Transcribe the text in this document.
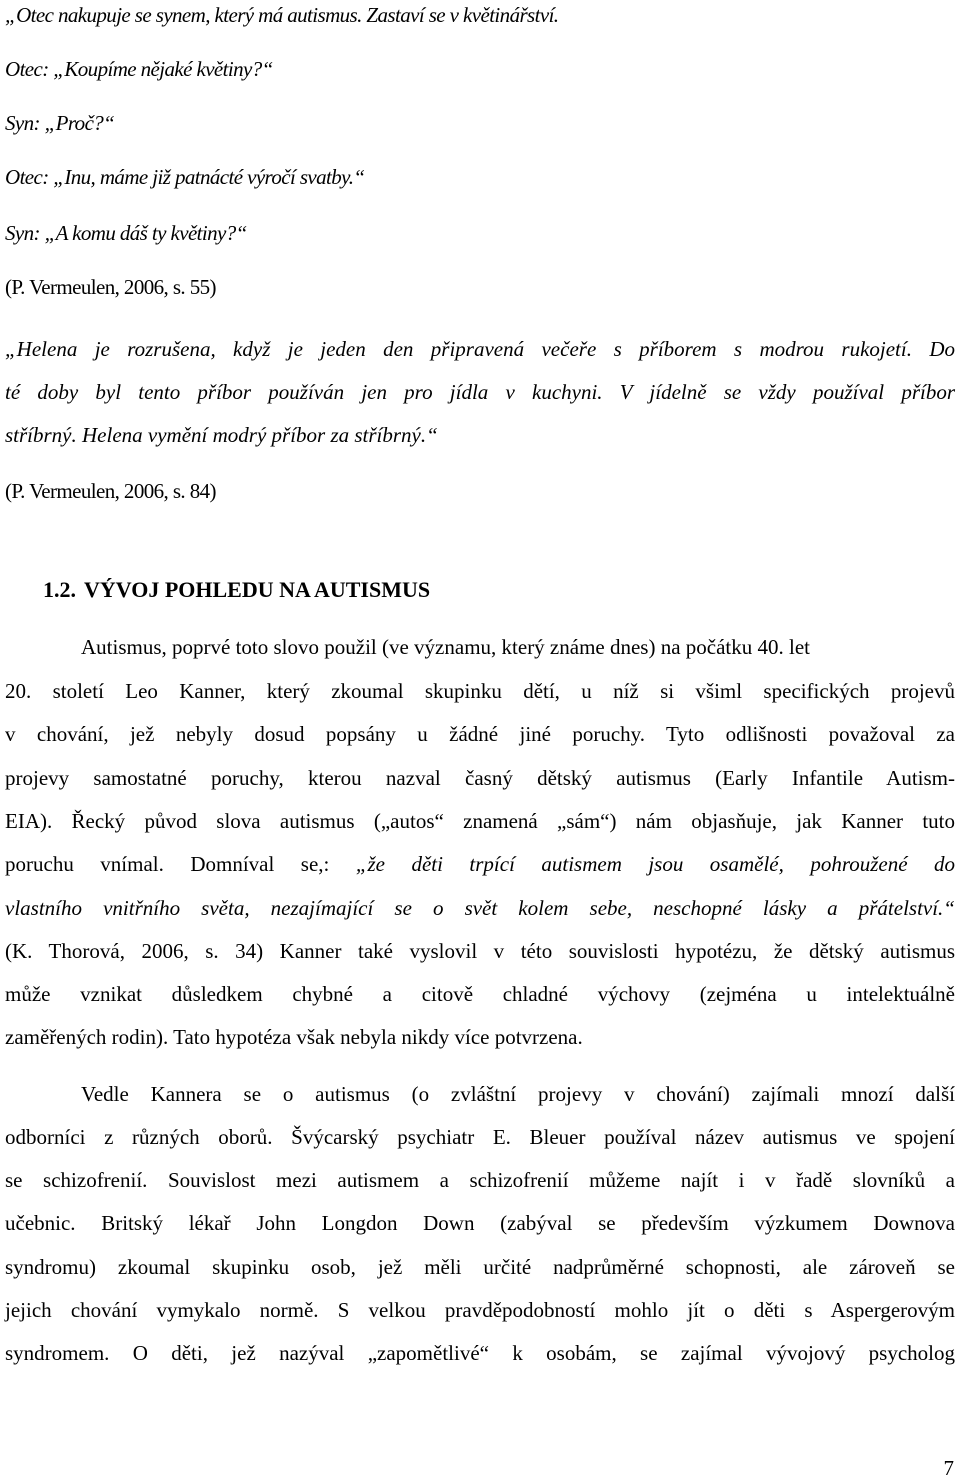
„Otec nakupuje se synem, který má autismus. Zastaví se v květinářství.
Otec: „Koupíme nějaké květiny?“
Syn: „Proč?“
Otec: „Inu, máme již patnácté výročí svatby.“
Syn: „A komu dáš ty květiny?“
(P. Vermeulen, 2006, s. 55)
„Helena je rozrušena, když je jeden den připravená večeře s příborem s modrou rukojetí. Do
té doby byl tento příbor používán jen pro jídla v kuchyni. V jídelně se vždy používal příbor
stříbrný. Helena vymění modrý příbor za stříbrný.“
(P. Vermeulen, 2006, s. 84)
1.2. VÝVOJ POHLEDU NA AUTISMUS
Autismus, poprvé toto slovo použil (ve významu, který známe dnes) na počátku 40. let
20. století Leo Kanner, který zkoumal skupinku dětí, u níž si všiml specifických projevů
v chování, jež nebyly dosud popsány u žádné jiné poruchy. Tyto odlišnosti považoval za
projevy samostatné poruchy, kterou nazval časný dětský autismus (Early Infantile Autism-
EIA). Řecký původ slova autismus („autos“ znamená „sám“) nám objasňuje, jak Kanner tuto
poruchu vnímal. Domníval se,: „že děti trpící autismem jsou osamělé, pohroužené do
vlastního vnitřního světa, nezajímající se o svět kolem sebe, neschopné lásky a přátelství.“
(K. Thorová, 2006, s. 34) Kanner také vyslovil v této souvislosti hypotézu, že dětský autismus
může vznikat důsledkem chybné a citově chladné výchovy (zejména u intelektuálně
zaměřených rodin). Tato hypotéza však nebyla nikdy více potvrzena.
Vedle Kannera se o autismus (o zvláštní projevy v chování) zajímali mnozí další
odborníci z různých oborů. Švýcarský psychiatr E. Bleuer používal název autismus ve spojení
se schizofrenií. Souvislost mezi autismem a schizofrenií můžeme najít i v řadě slovníků a
učebnic. Britský lékař John Longdon Down (zabýval se především výzkumem Downova
syndromu) zkoumal skupinku osob, jež měli určité nadprůměrné schopnosti, ale zároveň se
jejich chování vymykalo normě. S velkou pravděpodobností mohlo jít o děti s Aspergerovým
syndromem. O děti, jež nazýval „zapomětlivé“ k osobám, se zajímal vývojový psycholog
7
